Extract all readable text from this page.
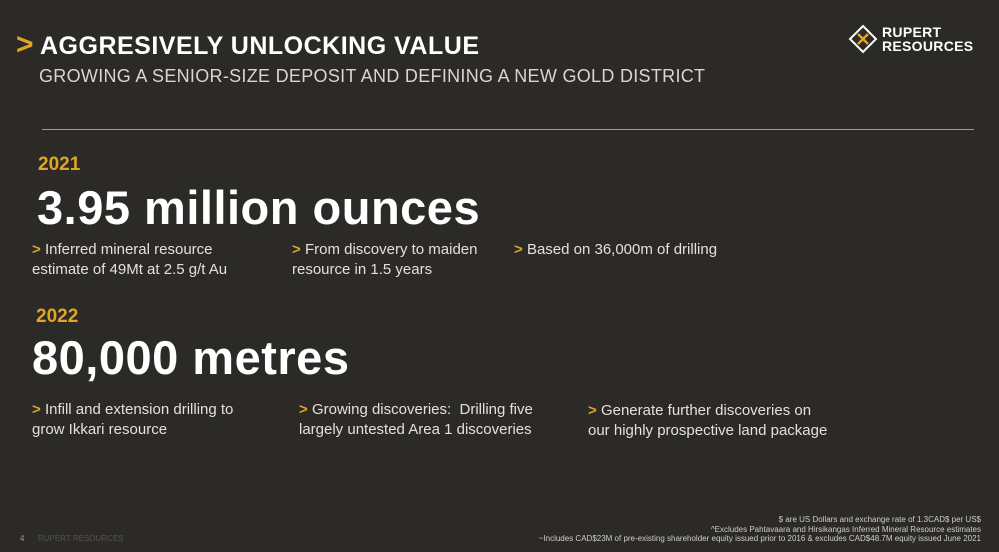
> AGGRESIVELY UNLOCKING VALUE
GROWING A SENIOR-SIZE DEPOSIT AND DEFINING A NEW GOLD DISTRICT
RUPERT
RESOURCES
2021
3.95 million ounces
> Inferred mineral resource
estimate of 49Mt at 2.5 g/t Au
> From discovery to maiden
resource in 1.5 years
> Based on 36,000m of drilling
2022
80,000 metres
> Infill and extension drilling to
grow Ikkari resource
> Growing discoveries:  Drilling five
largely untested Area 1 discoveries
> Generate further discoveries on
our highly prospective land package
$ are US Dollars and exchange rate of 1.3CAD$ per US$
^Excludes Pahtavaara and Hirsikangas Inferred Mineral Resource estimates
~Includes CAD$23M of pre-existing shareholder equity issued prior to 2016 & excludes CAD$48.7M equity issued June 2021
4 RUPERT RESOURCES
